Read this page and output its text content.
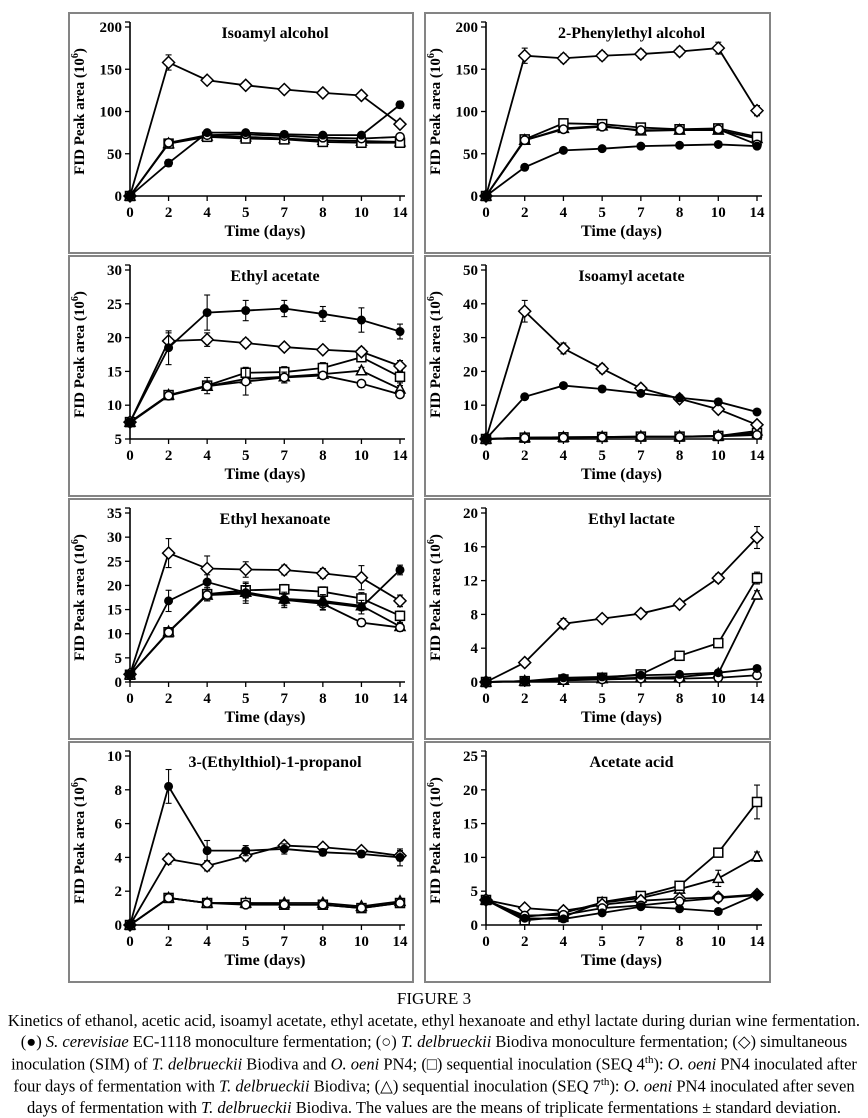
0
50
100
150
200
0 2 4 5 7 8 10 14
Isoamyl alcohol
Time (days)
FID Peak area $(10^6)$
0
50
100
150
200
0 2 4 5 7 8 10 14
2-Phenylethyl alcohol
Time (days)
FID Peak area $(10^6)$
5
10
15
20
25
30
0 2 4 5 7 8 10 14
Ethyl acetate
Time (days)
FID Peak area $(10^6)$
0
10
20
30
40
50
0 2 4 5 7 8 10 14
Isoamyl acetate
Time (days)
FID Peak area $(10^6)$
0
5
10
15
20
25
30
35
0 2 4 5 7 8 10 14
Ethyl hexanoate
Time (days)
FID Peak area $(10^6)$
0
4
8
12
16
20
0 2 4 5 7 8 10 14
Ethyl lactate
Time (days)
FID Peak area $(10^6)$
0
2
4
6
8
10
0 2 4 5 7 8 10 14
3-(Ethylthiol)-1-propanol
Time (days)
FID Peak area $(10^6)$
0
5
10
15
20
25
0 2 4 5 7 8 10 14
Acetate acid
Time (days)
FID Peak area $(10^6)$
FIGURE 3
Kinetics of ethanol, acetic acid, isoamyl acetate, ethyl acetate, ethyl hexanoate and ethyl lactate during durian wine fermentation. (●) S. cerevisiae EC-1118 monoculture fermentation; (○) T. delbrueckii Biodiva monoculture fermentation; (◇) simultaneous inoculation (SIM) of T. delbrueckii Biodiva and O. oeni PN4; (□) sequential inoculation (SEQ 4th): O. oeni PN4 inoculated after four days of fermentation with T. delbrueckii Biodiva; (△) sequential inoculation (SEQ 7th): O. oeni PN4 inoculated after seven days of fermentation with T. delbrueckii Biodiva. The values are the means of triplicate fermentations ± standard deviation.
